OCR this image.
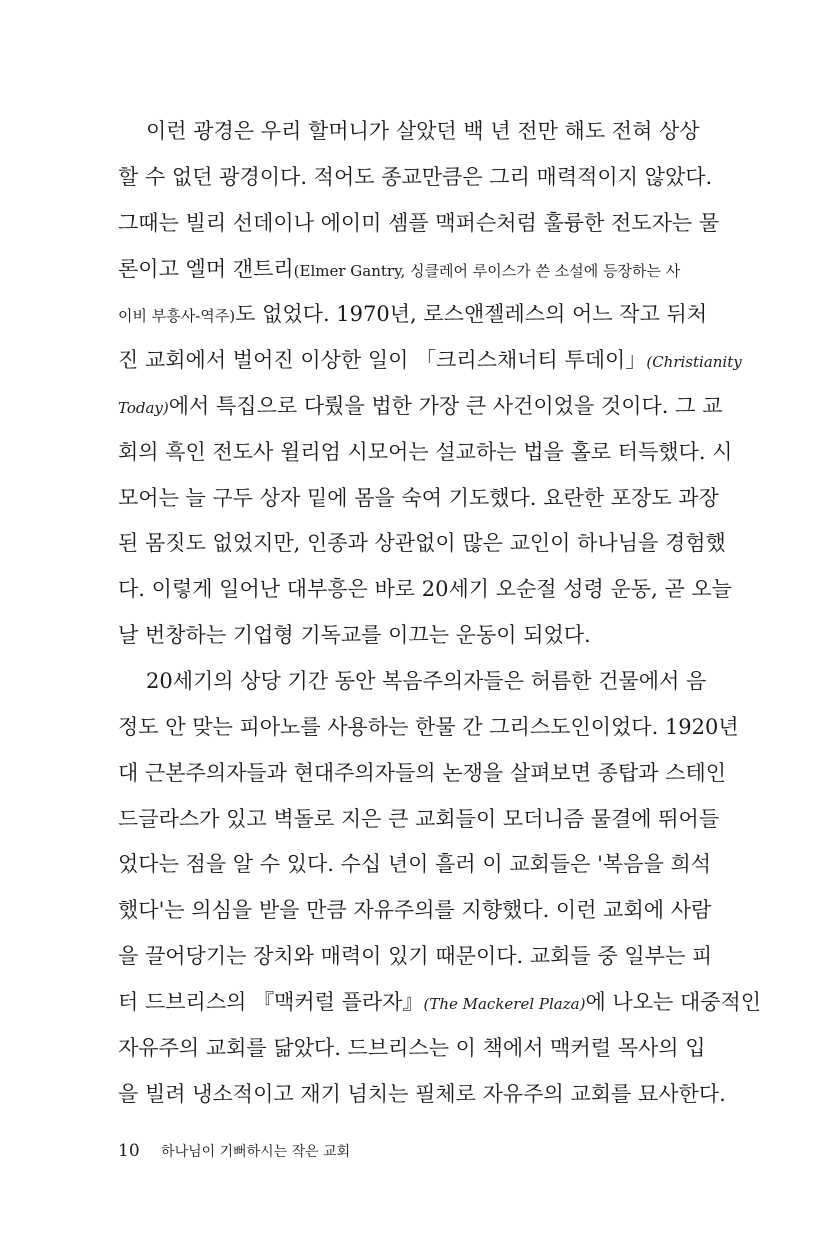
이런 광경은 우리 할머니가 살았던 백 년 전만 해도 전혀 상상
할 수 없던 광경이다. 적어도 종교만큼은 그리 매력적이지 않았다.
그때는 빌리 선데이나 에이미 셈플 맥퍼슨처럼 훌륭한 전도자는 물
론이고 엘머 갠트리(Elmer Gantry, 싱클레어 루이스가 쓴 소설에 등장하는 사
이비 부흥사-역주)도 없었다. 1970년, 로스앤젤레스의 어느 작고 뒤처
진 교회에서 벌어진 이상한 일이 「크리스채너티 투데이」(Christianity
Today)에서 특집으로 다뤘을 법한 가장 큰 사건이었을 것이다. 그 교
회의 흑인 전도사 윌리엄 시모어는 설교하는 법을 홀로 터득했다. 시
모어는 늘 구두 상자 밑에 몸을 숙여 기도했다. 요란한 포장도 과장
된 몸짓도 없었지만, 인종과 상관없이 많은 교인이 하나님을 경험했
다. 이렇게 일어난 대부흥은 바로 20세기 오순절 성령 운동, 곧 오늘
날 번창하는 기업형 기독교를 이끄는 운동이 되었다.
20세기의 상당 기간 동안 복음주의자들은 허름한 건물에서 음
정도 안 맞는 피아노를 사용하는 한물 간 그리스도인이었다. 1920년
대 근본주의자들과 현대주의자들의 논쟁을 살펴보면 종탑과 스테인
드글라스가 있고 벽돌로 지은 큰 교회들이 모더니즘 물결에 뛰어들
었다는 점을 알 수 있다. 수십 년이 흘러 이 교회들은 '복음을 희석
했다'는 의심을 받을 만큼 자유주의를 지향했다. 이런 교회에 사람
을 끌어당기는 장치와 매력이 있기 때문이다. 교회들 중 일부는 피
터 드브리스의 『맥커럴 플라자』(The Mackerel Plaza)에 나오는 대중적인
자유주의 교회를 닮았다. 드브리스는 이 책에서 맥커럴 목사의 입
을 빌려 냉소적이고 재기 넘치는 필체로 자유주의 교회를 묘사한다.
10 하나님이 기뻐하시는 작은 교회
